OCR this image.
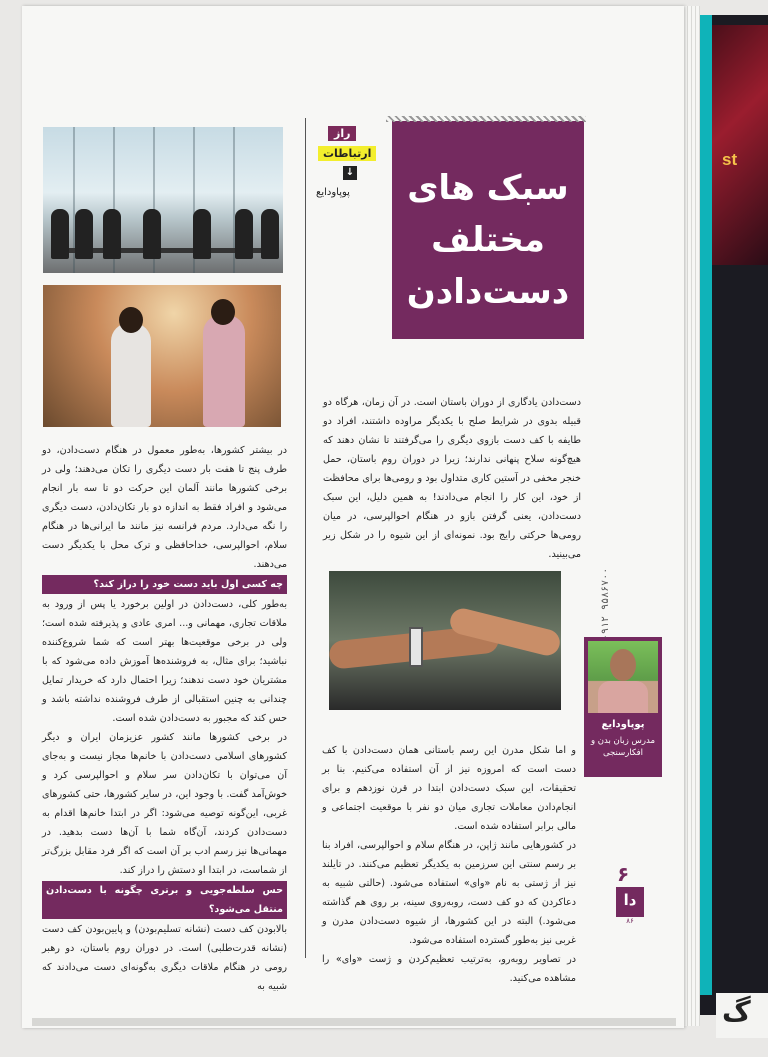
st
گ
راز
ارتباطات
↓
پوپاودایع	سبک های
مختلف
دست‌دادن
دست‌دادن یادگاری از دوران باستان است. در آن زمان، هرگاه دو قبیله بدوی در شرایط صلح با یکدیگر مراوده داشتند، افراد دو طایفه با کف دست بازوی دیگری را می‌گرفتند تا نشان دهند که هیچ‌گونه سلاح پنهانی ندارند؛ زیرا در دوران روم باستان، حمل خنجر مخفی در آستین کاری متداول بود و رومی‌ها برای محافظت از خود، این کار را انجام می‌دادند! به همین دلیل، این سبک دست‌دادن، یعنی گرفتن بازو در هنگام احوالپرسی، در میان رومی‌ها حرکتی رایج بود. نمونه‌ای از این شیوه را در شکل زیر می‌بینید.

و اما شکل مدرن این رسم باستانی همان دست‌دادن با کف دست است که امروزه نیز از آن استفاده می‌کنیم. بنا بر تحقیقات، این سبک دست‌دادن ابتدا در قرن نوزدهم و برای انجام‌دادن معاملات تجاری میان دو نفر با موقعیت اجتماعی و مالی برابر استفاده شده است.

در کشورهایی مانند ژاپن، در هنگام سلام و احوالپرسی، افراد بنا بر رسم سنتی این سرزمین به یکدیگر تعظیم می‌کنند. در تایلند نیز از ژستی به نام «وای» استفاده می‌شود. (حالتی شبیه به دعاکردن که دو کف دست، روبه‌روی سینه، بر روی هم گذاشته می‌شود.) البته در این کشورها، از شیوه دست‌دادن مدرن و غربی نیز به‌طور گسترده استفاده می‌شود.

در تصاویر روبه‌رو، به‌ترتیب تعظیم‌کردن و ژست «وای» را مشاهده می‌کنید.

در بیشتر کشورها، به‌طور معمول در هنگام دست‌دادن، دو طرف پنج تا هفت بار دست دیگری را تکان می‌دهند؛ ولی در برخی کشورها مانند آلمان این حرکت دو تا سه بار انجام می‌شود و افراد فقط به اندازه دو بار تکان‌دادن، دست دیگری را نگه می‌دارد. مردم فرانسه نیز مانند ما ایرانی‌ها در هنگام سلام، احوالپرسی، خداحافظی و ترک محل با یکدیگر دست می‌دهند.

چه کسی اول باید دست خود را دراز کند؟

به‌طور کلی، دست‌دادن در اولین برخورد یا پس از ورود به ملاقات تجاری، مهمانی و... امری عادی و پذیرفته شده است؛ ولی در برخی موقعیت‌ها بهتر است که شما شروع‌کننده نباشید؛ برای مثال، به فروشنده‌ها آموزش داده می‌شود که با مشتریان خود دست ندهند؛ زیرا احتمال دارد که خریدار تمایل چندانی به چنین استقبالی از طرف فروشنده نداشته باشد و حس کند که مجبور به دست‌دادن شده است.

در برخی کشورها مانند کشور عزیزمان ایران و دیگر کشورهای اسلامی دست‌دادن با خانم‌ها مجاز نیست و به‌جای آن می‌توان با تکان‌دادن سر سلام و احوالپرسی کرد و خوش‌آمد گفت. با وجود این، در سایر کشورها، حتی کشورهای غربی، این‌گونه توصیه می‌شود: اگر در ابتدا خانم‌ها اقدام به دست‌دادن کردند، آن‌گاه شما با آن‌ها دست بدهید. در مهمانی‌ها نیز رسم ادب بر آن است که اگر فرد مقابل بزرگ‌تر از شماست، در ابتدا او دستش را دراز کند.

حس سلطه‌جویی و برتری چگونه با دست‌دادن منتقل می‌شود؟

بالا‌بودن کف دست (نشانه تسلیم‌بودن) و پایین‌بودن کف دست (نشانه قدرت‌طلبی) است. در دوران روم باستان، دو رهبر رومی در هنگام ملاقات دیگری به‌گونه‌ای دست می‌دادند که شبیه به

پوپاودایع
مدرس زبان بدن و افکارسنجی
۰۹۱۲ ۹۵۸۶۷۰۰
۶
دا
۸۶
